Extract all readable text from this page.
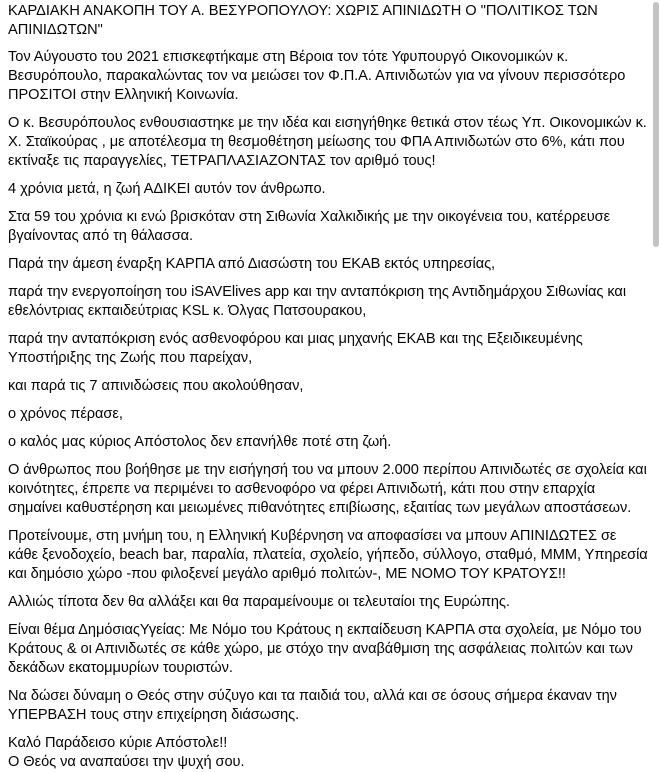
ΚΑΡΔΙΑΚΗ ΑΝΑΚΟΠΗ ΤΟΥ Α. ΒΕΣΥΡΟΠΟΥΛΟΥ: ΧΩΡΙΣ ΑΠΙΝΙΔΩΤΗ Ο "ΠΟΛΙΤΙΚΟΣ ΤΩΝ ΑΠΙΝΙΔΩΤΩΝ"

Τον Αύγουστο του 2021 επισκεφτήκαμε στη Βέροια τον τότε Υφυπουργό Οικονομικών κ. Βεσυρόπουλο, παρακαλώντας τον να μειώσει τον Φ.Π.Α. Απινιδωτών για να γίνουν περισσότερο ΠΡΟΣΙΤΟΙ στην Ελληνική Κοινωνία.

Ο κ. Βεσυρόπουλος ενθουσιαστηκε με την ιδέα και εισηγήθηκε θετικά στον τέως Υπ. Οικονομικών κ. Χ. Σταϊκούρας , με αποτέλεσμα τη θεσμοθέτηση μείωσης του ΦΠΑ Απινιδωτών στο 6%, κάτι που εκτίναξε τις παραγγελίες, ΤΕΤΡΑΠΛΑΣΙΑΖΟΝΤΑΣ τον αριθμό τους!

4 χρόνια μετά, η ζωή ΑΔΙΚΕΙ αυτόν τον άνθρωπο.

Στα 59 του χρόνια κι ενώ βρισκόταν στη Σιθωνία Χαλκιδικής με την οικογένεια του, κατέρρευσε βγαίνοντας από τη θάλασσα.

Παρά την άμεση έναρξη ΚΑΡΠΑ από Διασώστη του ΕΚΑΒ εκτός υπηρεσίας,

παρά την ενεργοποίηση του iSAVElives app και την ανταπόκριση της Αντιδημάρχου Σιθωνίας και εθελόντριας εκπαιδεύτριας KSL κ. Όλγας Πατσουρακου,

παρά την ανταπόκριση ενός ασθενοφόρου και μιας μηχανής ΕΚΑΒ και της Εξειδικευμένης Υποστήριξης της Ζωής που παρείχαν,

και παρά τις 7 απινιδώσεις που ακολούθησαν,

ο χρόνος πέρασε,

ο καλός μας κύριος Απόστολος δεν επανήλθε ποτέ στη ζωή.

Ο άνθρωπος που βοήθησε με την εισήγησή του να μπουν 2.000 περίπου Απινιδωτές σε σχολεία και κοινότητες, έπρεπε να περιμένει το ασθενοφόρο να φέρει Απινιδωτή, κάτι που στην επαρχία σημαίνει καθυστέρηση και μειωμένες πιθανότητες επιβίωσης, εξαιτίας των μεγάλων αποστάσεων.

Προτείνουμε, στη μνήμη του, η Ελληνική Κυβέρνηση να αποφασίσει να μπουν ΑΠΙΝΙΔΩΤΕΣ σε κάθε ξενοδοχείο, beach bar, παραλία, πλατεία, σχολείο, γήπεδο, σύλλογο, σταθμό, ΜΜΜ, Υπηρεσία και δημόσιο χώρο -που φιλοξενεί μεγάλο αριθμό πολιτών-, ΜΕ ΝΟΜΟ ΤΟΥ ΚΡΑΤΟΥΣ!!

Αλλιώς τίποτα δεν θα αλλάξει και θα παραμείνουμε οι τελευταίοι της Ευρώπης.

Είναι θέμα ΔημόσιαςΥγείας: Με Νόμο του Κράτους η εκπαίδευση ΚΑΡΠΑ στα σχολεία, με Νόμο του Κράτους & οι Απινιδωτές σε κάθε χώρο, με στόχο την αναβάθμιση της ασφάλειας πολιτών και των δεκάδων εκατομμυρίων τουριστών.

Να δώσει δύναμη ο Θεός στην σύζυγο και τα παιδιά του, αλλά και σε όσους σήμερα έκαναν την ΥΠΕΡΒΑΣΗ τους στην επιχείρηση διάσωσης.

Καλό Παράδεισο κύριε Απόστολε!!

Ο Θεός να αναπαύσει την ψυχή σου.
